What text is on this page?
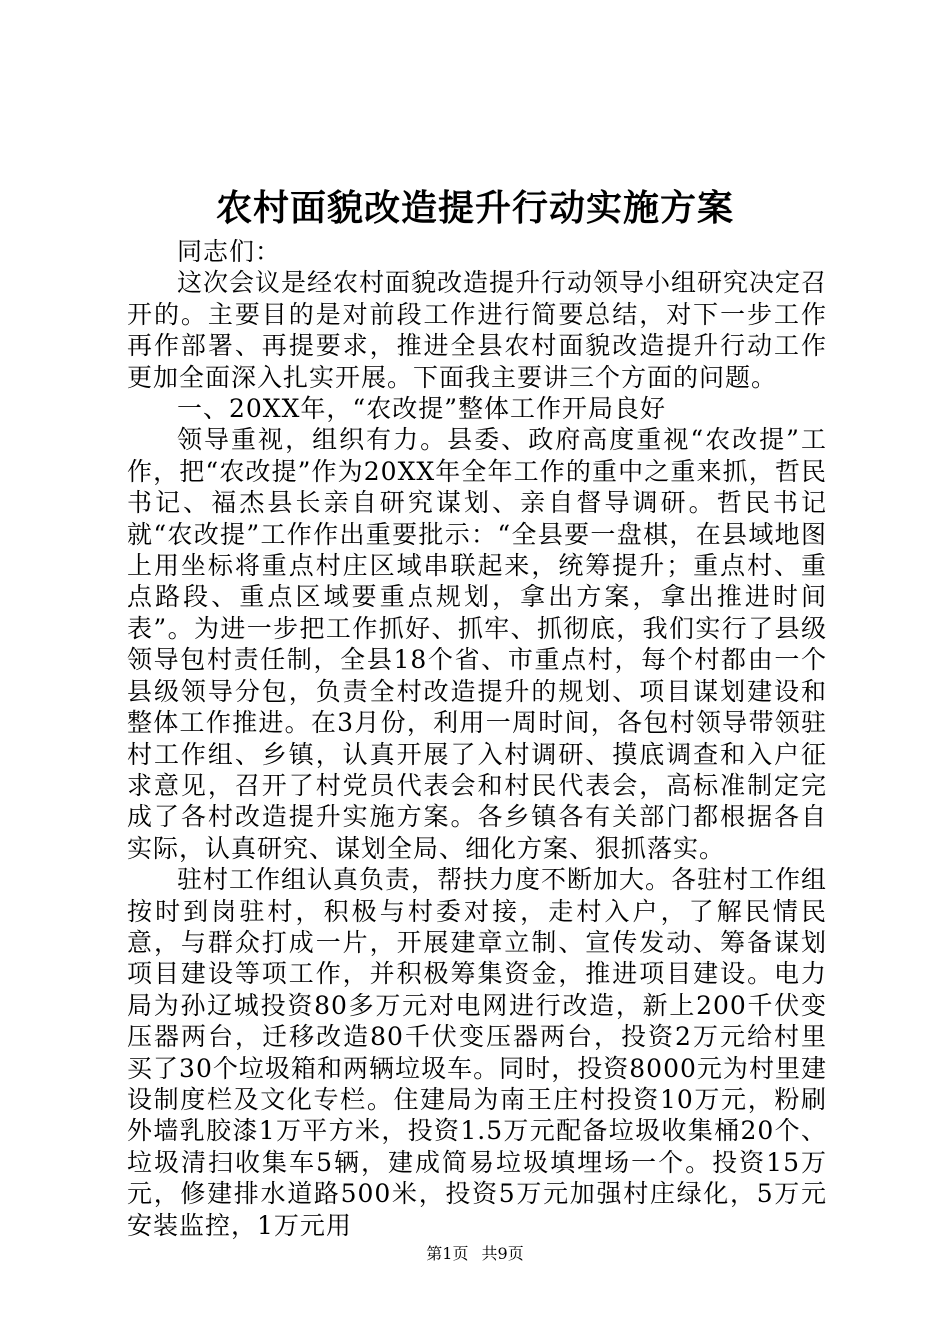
农村面貌改造提升行动实施方案

同志们：

这次会议是经农村面貌改造提升行动领导小组研究决定召开的。主要目的是对前段工作进行简要总结，对下一步工作再作部署、再提要求，推进全县农村面貌改造提升行动工作更加全面深入扎实开展。下面我主要讲三个方面的问题。

一、20XX年，“农改提”整体工作开局良好

领导重视，组织有力。县委、政府高度重视“农改提”工作，把“农改提”作为20XX年全年工作的重中之重来抓，哲民书记、福杰县长亲自研究谋划、亲自督导调研。哲民书记就“农改提”工作作出重要批示：“全县要一盘棋，在县域地图上用坐标将重点村庄区域串联起来，统筹提升；重点村、重点路段、重点区域要重点规划，拿出方案，拿出推进时间表”。为进一步把工作抓好、抓牢、抓彻底，我们实行了县级领导包村责任制，全县18个省、市重点村，每个村都由一个县级领导分包，负责全村改造提升的规划、项目谋划建设和整体工作推进。在3月份，利用一周时间，各包村领导带领驻村工作组、乡镇，认真开展了入村调研、摸底调查和入户征求意见，召开了村党员代表会和村民代表会，高标准制定完成了各村改造提升实施方案。各乡镇各有关部门都根据各自实际，认真研究、谋划全局、细化方案、狠抓落实。

驻村工作组认真负责，帮扶力度不断加大。各驻村工作组按时到岗驻村，积极与村委对接，走村入户，了解民情民意，与群众打成一片，开展建章立制、宣传发动、筹备谋划项目建设等项工作，并积极筹集资金，推进项目建设。电力局为孙辽城投资80多万元对电网进行改造，新上200千伏变压器两台，迁移改造80千伏变压器两台，投资2万元给村里买了30个垃圾箱和两辆垃圾车。同时，投资8000元为村里建设制度栏及文化专栏。住建局为南王庄村投资10万元，粉刷外墙乳胶漆1万平方米，投资1.5万元配备垃圾收集桶20个、垃圾清扫收集车5辆，建成简易垃圾填埋场一个。投资15万元，修建排水道路500米，投资5万元加强村庄绿化，5万元安装监控，1万元用

第1页 共9页
